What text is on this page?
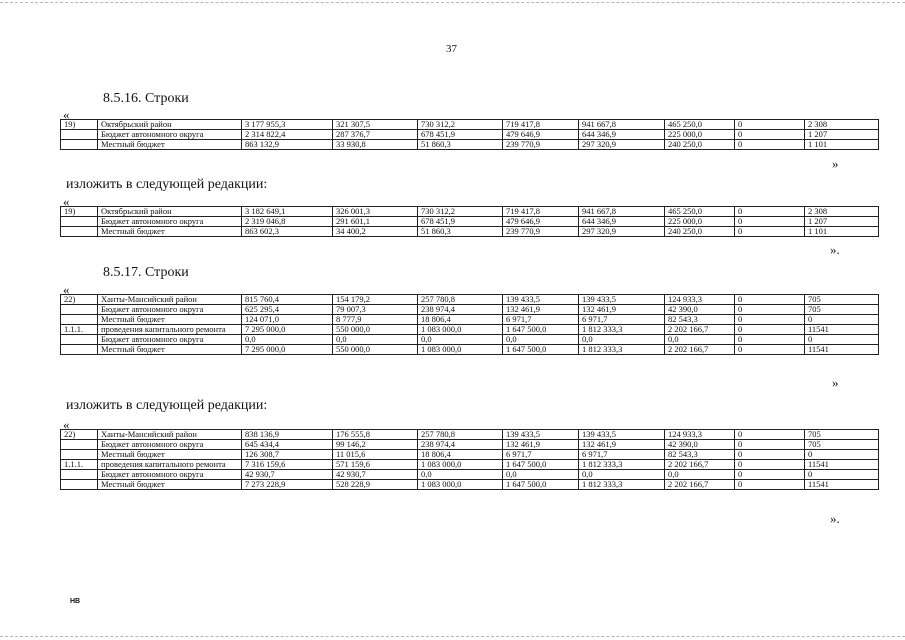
37
8.5.16. Строки
«
19)	Октябрьский район	3 177 955,3	321 307,5	730 312,2	719 417,8	941 667,8	465 250,0	0	2 308
	Бюджет автономного округа	2 314 822,4	287 376,7	678 451,9	479 646,9	644 346,9	225 000,0	0	1 207
	Местный бюджет	863 132,9	33 930,8	51 860,3	239 770,9	297 320,9	240 250,0	0	1 101
»
изложить в следующей редакции:
«
19)	Октябрьский район	3 182 649,1	326 001,3	730 312,2	719 417,8	941 667,8	465 250,0	0	2 308
	Бюджет автономного округа	2 319 046,8	291 601,1	678 451,9	479 646,9	644 346,9	225 000,0	0	1 207
	Местный бюджет	863 602,3	34 400,2	51 860,3	239 770,9	297 320,9	240 250,0	0	1 101
».
8.5.17. Строки
«
22)	Ханты-Мансийский район	815 760,4	154 179,2	257 780,8	139 433,5	139 433,5	124 933,3	0	705
	Бюджет автономного округа	625 295,4	79 007,3	238 974,4	132 461,9	132 461,9	42 390,0	0	705
	Местный бюджет	124 071,0	8 777,9	18 806,4	6 971,7	6 971,7	82 543,3	0	0
1.1.1.	проведения капитального ремонта	7 295 000,0	550 000,0	1 083 000,0	1 647 500,0	1 812 333,3	2 202 166,7	0	11541
	Бюджет автономного округа	0,0	0,0	0,0	0,0	0,0	0,0	0	0
	Местный бюджет	7 295 000,0	550 000,0	1 083 000,0	1 647 500,0	1 812 333,3	2 202 166,7	0	11541
»
изложить в следующей редакции:
«
22)	Ханты-Мансийский район	838 136,9	176 555,8	257 780,8	139 433,5	139 433,5	124 933,3	0	705
	Бюджет автономного округа	645 434,4	99 146,2	238 974,4	132 461,9	132 461,9	42 390,0	0	705
	Местный бюджет	126 308,7	11 015,6	18 806,4	6 971,7	6 971,7	82 543,3	0	0
1.1.1.	проведения капитального ремонта	7 316 159,6	571 159,6	1 083 000,0	1 647 500,0	1 812 333,3	2 202 166,7	0	11541
	Бюджет автономного округа	42 930,7	42 930,7	0,0	0,0	0,0	0,0	0	0
	Местный бюджет	7 273 228,9	528 228,9	1 083 000,0	1 647 500,0	1 812 333,3	2 202 166,7	0	11541
».
НВ
